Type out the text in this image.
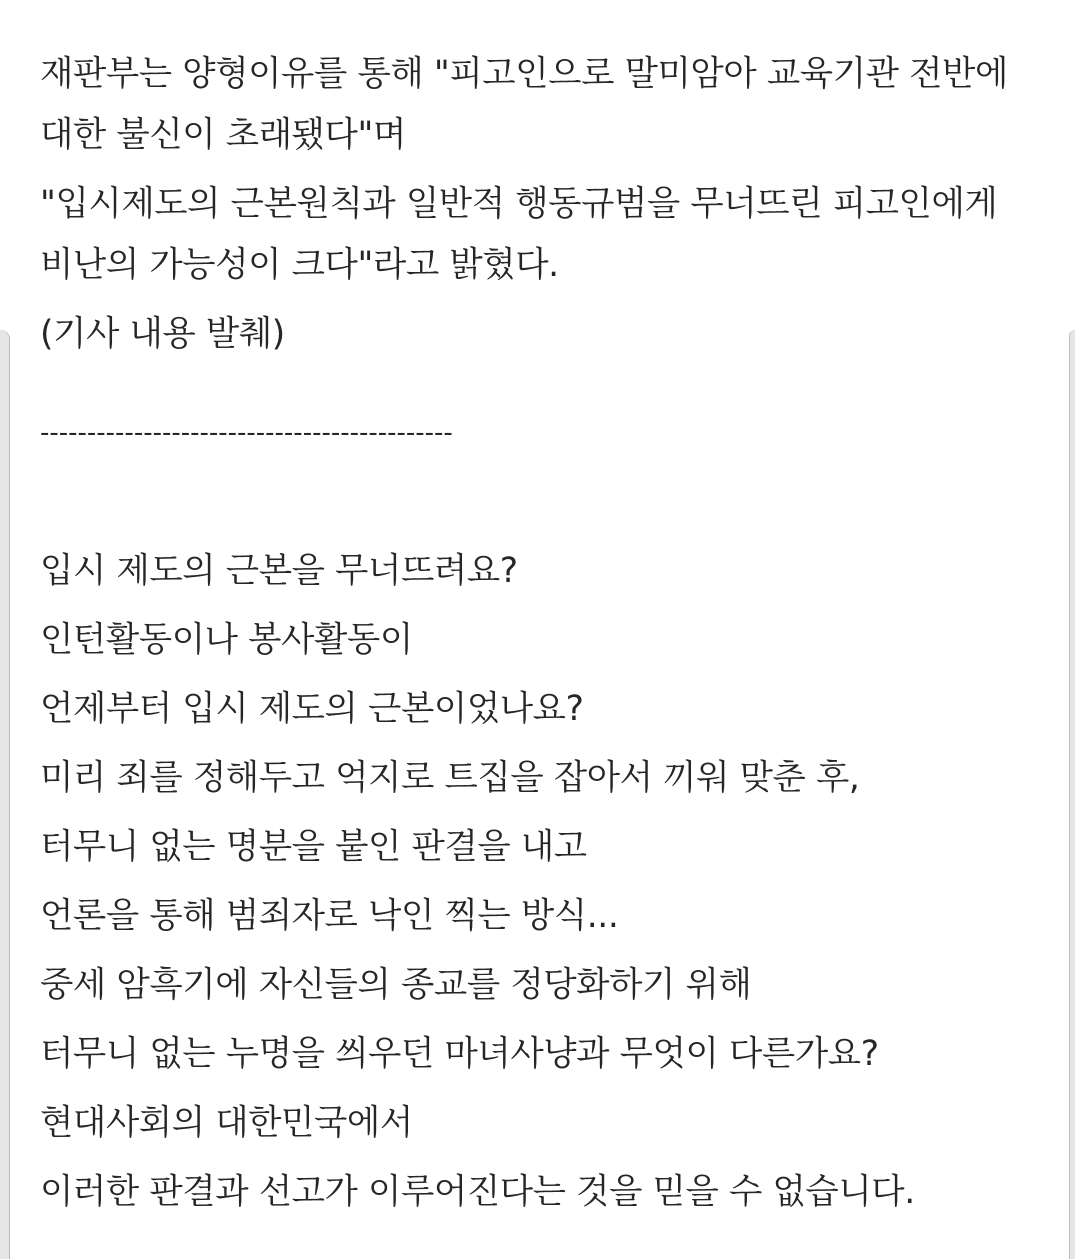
재판부는 양형이유를 통해 "피고인으로 말미암아 교육기관 전반에 대한 불신이 초래됐다"며

"입시제도의 근본원칙과 일반적 행동규범을 무너뜨린 피고인에게 비난의 가능성이 크다"라고 밝혔다.

(기사 내용 발췌)
--------------------------------------------
입시 제도의 근본을 무너뜨려요?
인턴활동이나 봉사활동이
언제부터 입시 제도의 근본이었나요?
미리 죄를 정해두고 억지로 트집을 잡아서 끼워 맞춘 후,
터무니 없는 명분을 붙인 판결을 내고
언론을 통해 범죄자로 낙인 찍는 방식...
중세 암흑기에 자신들의 종교를 정당화하기 위해
터무니 없는 누명을 씌우던 마녀사냥과 무엇이 다른가요?
현대사회의 대한민국에서
이러한 판결과 선고가 이루어진다는 것을 믿을 수 없습니다.
